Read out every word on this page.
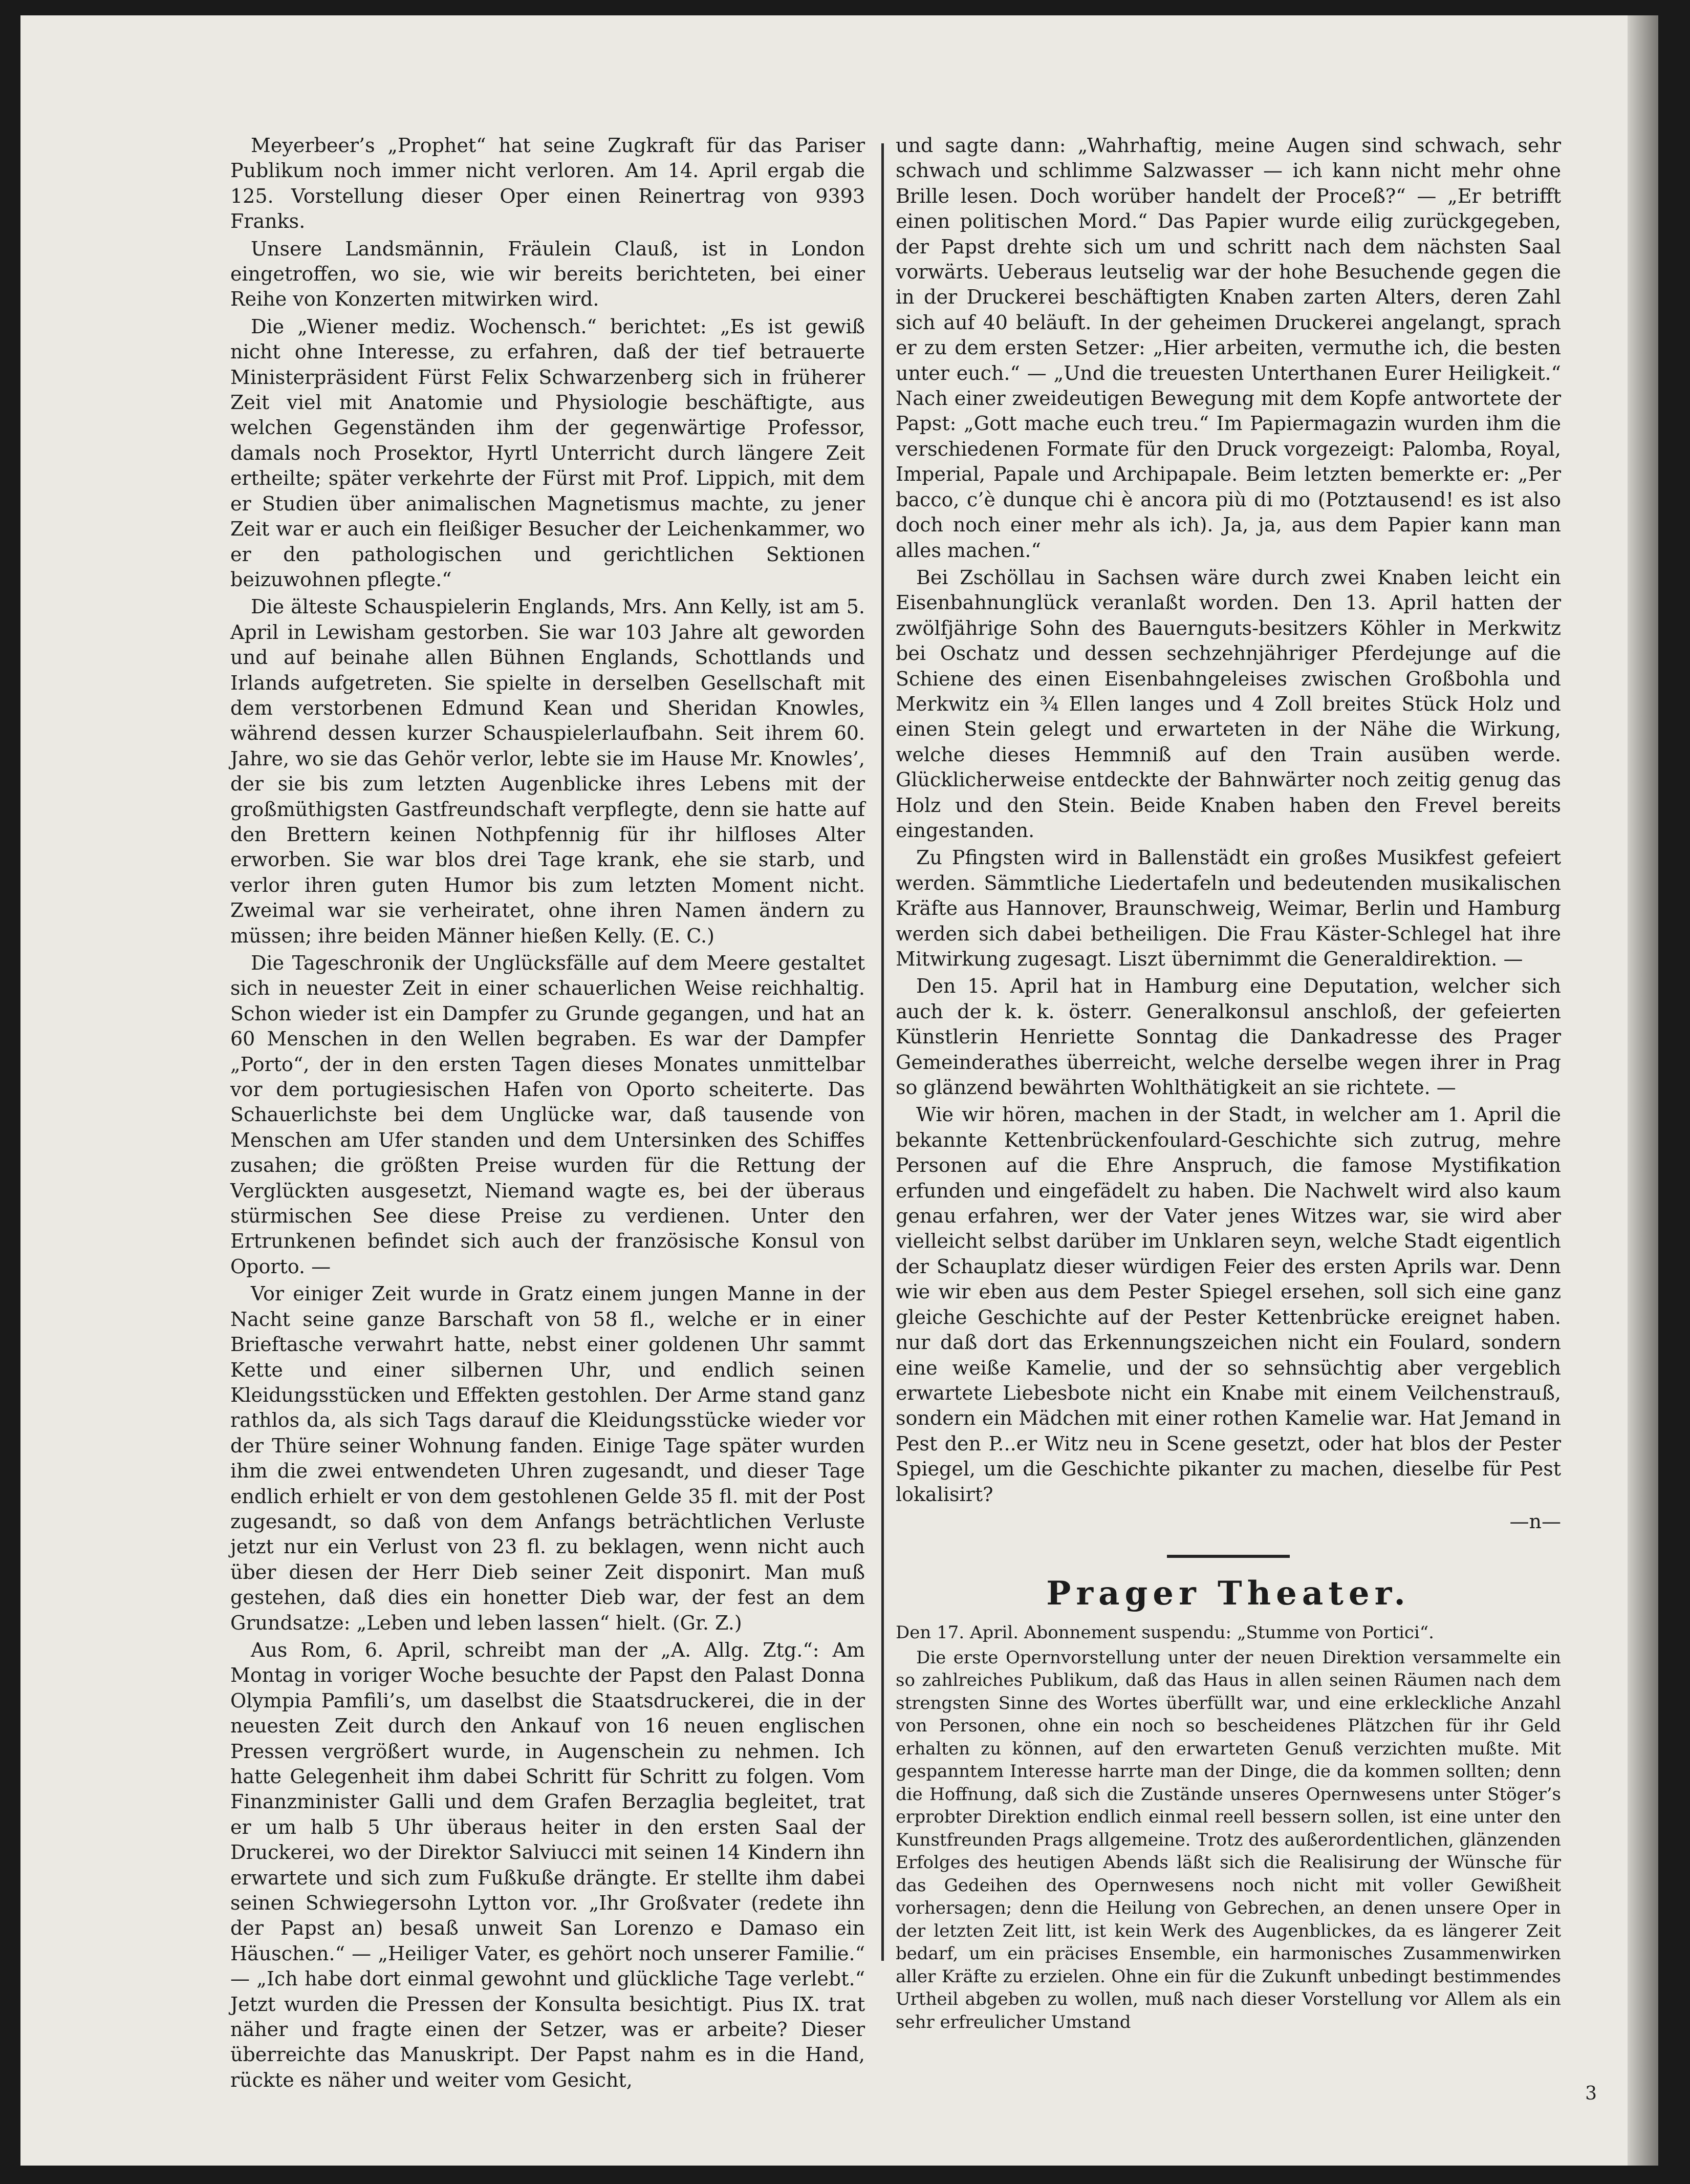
Meyerbeer’s „Prophet“ hat seine Zugkraft für das Pariser Publikum noch immer nicht verloren. Am 14. April ergab die 125. Vorstellung dieser Oper einen Reinertrag von 9393 Franks.

Unsere Landsmännin, Fräulein Clauß, ist in London eingetroffen, wo sie, wie wir bereits berichteten, bei einer Reihe von Konzerten mitwirken wird.

Die „Wiener mediz. Wochensch.“ berichtet: „Es ist gewiß nicht ohne Interesse, zu erfahren, daß der tief betrauerte Ministerpräsident Fürst Felix Schwarzenberg sich in früherer Zeit viel mit Anatomie und Physiologie beschäftigte, aus welchen Gegenständen ihm der gegenwärtige Professor, damals noch Prosektor, Hyrtl Unterricht durch längere Zeit ertheilte; später verkehrte der Fürst mit Prof. Lippich, mit dem er Studien über animalischen Magnetismus machte, zu jener Zeit war er auch ein fleißiger Besucher der Leichenkammer, wo er den pathologischen und gerichtlichen Sektionen beizuwohnen pflegte.“

Die älteste Schauspielerin Englands, Mrs. Ann Kelly, ist am 5. April in Lewisham gestorben. Sie war 103 Jahre alt geworden und auf beinahe allen Bühnen Englands, Schottlands und Irlands aufgetreten. Sie spielte in derselben Gesellschaft mit dem verstorbenen Edmund Kean und Sheridan Knowles, während dessen kurzer Schauspielerlaufbahn. Seit ihrem 60. Jahre, wo sie das Gehör verlor, lebte sie im Hause Mr. Knowles’, der sie bis zum letzten Augenblicke ihres Lebens mit der großmüthigsten Gastfreundschaft verpflegte, denn sie hatte auf den Brettern keinen Nothpfennig für ihr hilfloses Alter erworben. Sie war blos drei Tage krank, ehe sie starb, und verlor ihren guten Humor bis zum letzten Moment nicht. Zweimal war sie verheiratet, ohne ihren Namen ändern zu müssen; ihre beiden Männer hießen Kelly. (E. C.)

Die Tageschronik der Unglücksfälle auf dem Meere gestaltet sich in neuester Zeit in einer schauerlichen Weise reichhaltig. Schon wieder ist ein Dampfer zu Grunde gegangen, und hat an 60 Menschen in den Wellen begraben. Es war der Dampfer „Porto“, der in den ersten Tagen dieses Monates unmittelbar vor dem portugiesischen Hafen von Oporto scheiterte. Das Schauerlichste bei dem Unglücke war, daß tausende von Menschen am Ufer standen und dem Untersinken des Schiffes zusahen; die größten Preise wurden für die Rettung der Verglückten ausgesetzt, Niemand wagte es, bei der überaus stürmischen See diese Preise zu verdienen. Unter den Ertrunkenen befindet sich auch der französische Konsul von Oporto. —

Vor einiger Zeit wurde in Gratz einem jungen Manne in der Nacht seine ganze Barschaft von 58 fl., welche er in einer Brieftasche verwahrt hatte, nebst einer goldenen Uhr sammt Kette und einer silbernen Uhr, und endlich seinen Kleidungsstücken und Effekten gestohlen. Der Arme stand ganz rathlos da, als sich Tags darauf die Kleidungsstücke wieder vor der Thüre seiner Wohnung fanden. Einige Tage später wurden ihm die zwei entwendeten Uhren zugesandt, und dieser Tage endlich erhielt er von dem gestohlenen Gelde 35 fl. mit der Post zugesandt, so daß von dem Anfangs beträchtlichen Verluste jetzt nur ein Verlust von 23 fl. zu beklagen, wenn nicht auch über diesen der Herr Dieb seiner Zeit disponirt. Man muß gestehen, daß dies ein honetter Dieb war, der fest an dem Grundsatze: „Leben und leben lassen“ hielt. (Gr. Z.)

Aus Rom, 6. April, schreibt man der „A. Allg. Ztg.“: Am Montag in voriger Woche besuchte der Papst den Palast Donna Olympia Pamfili’s, um daselbst die Staatsdruckerei, die in der neuesten Zeit durch den Ankauf von 16 neuen englischen Pressen vergrößert wurde, in Augenschein zu nehmen. Ich hatte Gelegenheit ihm dabei Schritt für Schritt zu folgen. Vom Finanzminister Galli und dem Grafen Berzaglia begleitet, trat er um halb 5 Uhr überaus heiter in den ersten Saal der Druckerei, wo der Direktor Salviucci mit seinen 14 Kindern ihn erwartete und sich zum Fußkuße drängte. Er stellte ihm dabei seinen Schwiegersohn Lytton vor. „Ihr Großvater (redete ihn der Papst an) besaß unweit San Lorenzo e Damaso ein Häuschen.“ — „Heiliger Vater, es gehört noch unserer Familie.“ — „Ich habe dort einmal gewohnt und glückliche Tage verlebt.“ Jetzt wurden die Pressen der Konsulta besichtigt. Pius IX. trat näher und fragte einen der Setzer, was er arbeite? Dieser überreichte das Manuskript. Der Papst nahm es in die Hand, rückte es näher und weiter vom Gesicht,

und sagte dann: „Wahrhaftig, meine Augen sind schwach, sehr schwach und schlimme Salzwasser — ich kann nicht mehr ohne Brille lesen. Doch worüber handelt der Proceß?“ — „Er betrifft einen politischen Mord.“ Das Papier wurde eilig zurückgegeben, der Papst drehte sich um und schritt nach dem nächsten Saal vorwärts. Ueberaus leutselig war der hohe Besuchende gegen die in der Druckerei beschäftigten Knaben zarten Alters, deren Zahl sich auf 40 beläuft. In der geheimen Druckerei angelangt, sprach er zu dem ersten Setzer: „Hier arbeiten, vermuthe ich, die besten unter euch.“ — „Und die treuesten Unterthanen Eurer Heiligkeit.“ Nach einer zweideutigen Bewegung mit dem Kopfe antwortete der Papst: „Gott mache euch treu.“ Im Papiermagazin wurden ihm die verschiedenen Formate für den Druck vorgezeigt: Palomba, Royal, Imperial, Papale und Archipapale. Beim letzten bemerkte er: „Per bacco, c’è dunque chi è ancora più di mo (Potztausend! es ist also doch noch einer mehr als ich). Ja, ja, aus dem Papier kann man alles machen.“

Bei Zschöllau in Sachsen wäre durch zwei Knaben leicht ein Eisenbahnunglück veranlaßt worden. Den 13. April hatten der zwölfjährige Sohn des Bauernguts-besitzers Köhler in Merkwitz bei Oschatz und dessen sechzehnjähriger Pferdejunge auf die Schiene des einen Eisenbahngeleises zwischen Großbohla und Merkwitz ein ¾ Ellen langes und 4 Zoll breites Stück Holz und einen Stein gelegt und erwarteten in der Nähe die Wirkung, welche dieses Hemmniß auf den Train ausüben werde. Glücklicherweise entdeckte der Bahnwärter noch zeitig genug das Holz und den Stein. Beide Knaben haben den Frevel bereits eingestanden.

Zu Pfingsten wird in Ballenstädt ein großes Musikfest gefeiert werden. Sämmtliche Liedertafeln und bedeutenden musikalischen Kräfte aus Hannover, Braunschweig, Weimar, Berlin und Hamburg werden sich dabei betheiligen. Die Frau Käster-Schlegel hat ihre Mitwirkung zugesagt. Liszt übernimmt die Generaldirektion. —

Den 15. April hat in Hamburg eine Deputation, welcher sich auch der k. k. österr. Generalkonsul anschloß, der gefeierten Künstlerin Henriette Sonntag die Dankadresse des Prager Gemeinderathes überreicht, welche derselbe wegen ihrer in Prag so glänzend bewährten Wohlthätigkeit an sie richtete. —

Wie wir hören, machen in der Stadt, in welcher am 1. April die bekannte Kettenbrückenfoulard-Geschichte sich zutrug, mehre Personen auf die Ehre Anspruch, die famose Mystifikation erfunden und eingefädelt zu haben. Die Nachwelt wird also kaum genau erfahren, wer der Vater jenes Witzes war, sie wird aber vielleicht selbst darüber im Unklaren seyn, welche Stadt eigentlich der Schauplatz dieser würdigen Feier des ersten Aprils war. Denn wie wir eben aus dem Pester Spiegel ersehen, soll sich eine ganz gleiche Geschichte auf der Pester Kettenbrücke ereignet haben. nur daß dort das Erkennungszeichen nicht ein Foulard, sondern eine weiße Kamelie, und der so sehnsüchtig aber vergeblich erwartete Liebesbote nicht ein Knabe mit einem Veilchenstrauß, sondern ein Mädchen mit einer rothen Kamelie war. Hat Jemand in Pest den P...er Witz neu in Scene gesetzt, oder hat blos der Pester Spiegel, um die Geschichte pikanter zu machen, dieselbe für Pest lokalisirt?

—n—

Prager Theater.

Den 17. April. Abonnement suspendu: „Stumme von Portici“.

Die erste Opernvorstellung unter der neuen Direktion versammelte ein so zahlreiches Publikum, daß das Haus in allen seinen Räumen nach dem strengsten Sinne des Wortes überfüllt war, und eine erkleckliche Anzahl von Personen, ohne ein noch so bescheidenes Plätzchen für ihr Geld erhalten zu können, auf den erwarteten Genuß verzichten mußte. Mit gespanntem Interesse harrte man der Dinge, die da kommen sollten; denn die Hoffnung, daß sich die Zustände unseres Opernwesens unter Stöger’s erprobter Direktion endlich einmal reell bessern sollen, ist eine unter den Kunstfreunden Prags allgemeine. Trotz des außerordentlichen, glänzenden Erfolges des heutigen Abends läßt sich die Realisirung der Wünsche für das Gedeihen des Opernwesens noch nicht mit voller Gewißheit vorhersagen; denn die Heilung von Gebrechen, an denen unsere Oper in der letzten Zeit litt, ist kein Werk des Augenblickes, da es längerer Zeit bedarf, um ein präcises Ensemble, ein harmonisches Zusammenwirken aller Kräfte zu erzielen. Ohne ein für die Zukunft unbedingt bestimmendes Urtheil abgeben zu wollen, muß nach dieser Vorstellung vor Allem als ein sehr erfreulicher Umstand

3
